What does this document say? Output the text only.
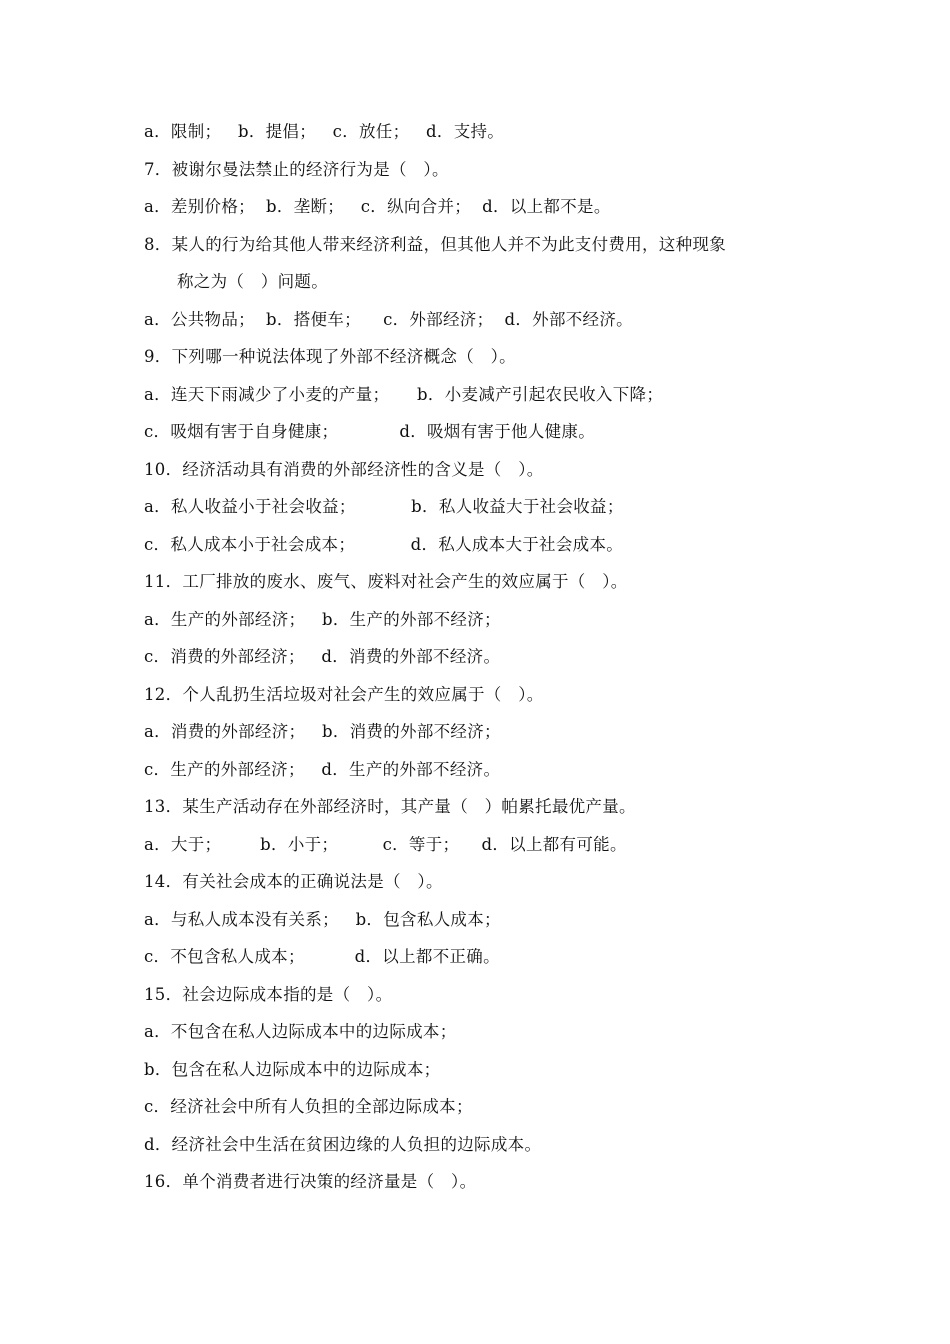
a．限制；   b．提倡；   c．放任；   d．支持。
7．被谢尔曼法禁止的经济行为是（   ）。
a．差别价格；  b．垄断；   c．纵向合并；  d．以上都不是。
8．某人的行为给其他人带来经济利益，但其他人并不为此支付费用，这种现象
称之为（   ）问题。
a．公共物品；  b．搭便车；    c．外部经济；  d．外部不经济。
9．下列哪一种说法体现了外部不经济概念（   ）。
a．连天下雨减少了小麦的产量；     b．小麦减产引起农民收入下降；
c．吸烟有害于自身健康；           d．吸烟有害于他人健康。
10．经济活动具有消费的外部经济性的含义是（   ）。
a．私人收益小于社会收益；          b．私人收益大于社会收益；
c．私人成本小于社会成本；          d．私人成本大于社会成本。
11．工厂排放的废水、废气、废料对社会产生的效应属于（   ）。
a．生产的外部经济；   b．生产的外部不经济；
c．消费的外部经济；   d．消费的外部不经济。
12．个人乱扔生活垃圾对社会产生的效应属于（   ）。
a．消费的外部经济；   b．消费的外部不经济；
c．生产的外部经济；   d．生产的外部不经济。
13．某生产活动存在外部经济时，其产量（   ）帕累托最优产量。
a．大于；       b．小于；        c．等于；    d．以上都有可能。
14．有关社会成本的正确说法是（   ）。
a．与私人成本没有关系；   b．包含私人成本；
c．不包含私人成本；         d．以上都不正确。
15．社会边际成本指的是（   ）。
a．不包含在私人边际成本中的边际成本；
b．包含在私人边际成本中的边际成本；
c．经济社会中所有人负担的全部边际成本；
d．经济社会中生活在贫困边缘的人负担的边际成本。
16．单个消费者进行决策的经济量是（   ）。
